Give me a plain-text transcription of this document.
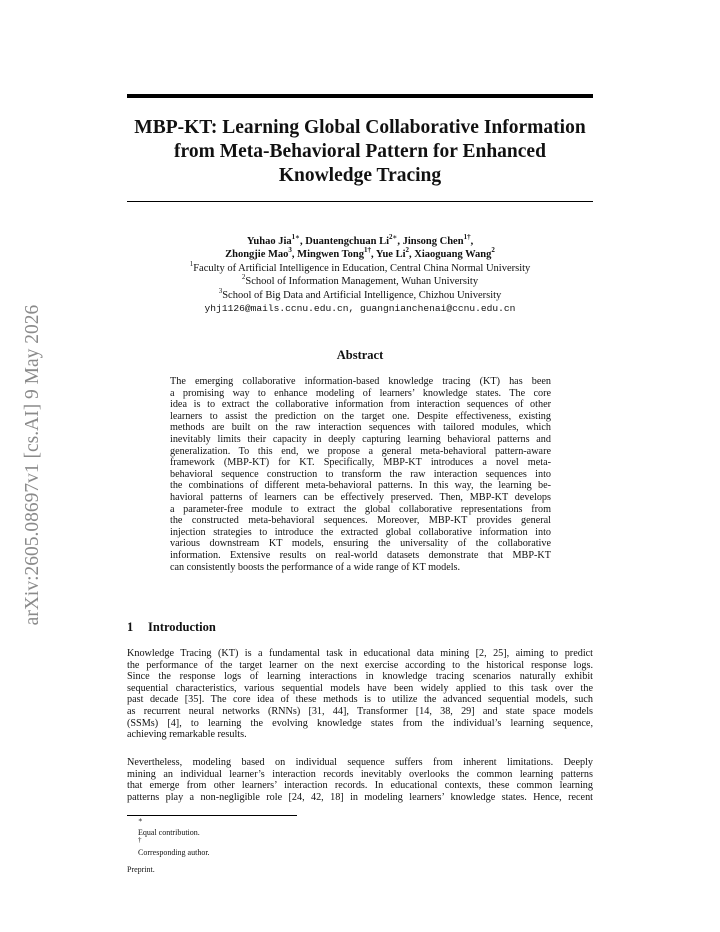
arXiv:2605.08697v1 [cs.AI] 9 May 2026
MBP-KT: Learning Global Collaborative Information
from Meta-Behavioral Pattern for Enhanced
Knowledge Tracing
Yuhao Jia$^{1∗}$, Duantengchuan $Li^{2∗}$, Jinsong Chen$^{1\dagger}$,
Zhongjie Mao$^3$, Mingwen Tong$^{1\dagger}$, Yue Li$^2$, Xiaoguang Wang$^2$
$^1$Faculty of Artificial Intelligence in Education, Central China Normal University
$^2$School of Information Management, Wuhan University
$^3$School of Big Data and Artificial Intelligence, Chizhou University
yhj1126@mails.ccnu.edu.cn, guangnianchenai@ccnu.edu.cn
Abstract
The emerging collaborative information-based knowledge tracing (KT) has been
a promising way to enhance modeling of learners’ knowledge states. The core
idea is to extract the collaborative information from interaction sequences of other
learners to assist the prediction on the target one. Despite effectiveness, existing
methods are built on the raw interaction sequences with tailored modules, which
inevitably limits their capacity in deeply capturing learning behavioral patterns and
generalization. To this end, we propose a general meta-behavioral pattern-aware
framework (MBP-KT) for KT. Specifically, MBP-KT introduces a novel meta-
behavioral sequence construction to transform the raw interaction sequences into
the combinations of different meta-behavioral patterns. In this way, the learning be-
havioral patterns of learners can be effectively preserved. Then, MBP-KT develops
a parameter-free module to extract the global collaborative representations from
the constructed meta-behavioral sequences. Moreover, MBP-KT provides general
injection strategies to introduce the extracted global collaborative information into
various downstream KT models, ensuring the universality of the collaborative
information. Extensive results on real-world datasets demonstrate that MBP-KT
can consistently boosts the performance of a wide range of KT models.
1 Introduction
Knowledge Tracing (KT) is a fundamental task in educational data mining [2, 25], aiming to predict
the performance of the target learner on the next exercise according to the historical response logs.
Since the response logs of learning interactions in knowledge tracing scenarios naturally exhibit
sequential characteristics, various sequential models have been widely applied to this task over the
past decade [35]. The core idea of these methods is to utilize the advanced sequential models, such
as recurrent neural networks (RNNs) [31, 44], Transformer [14, 38, 29] and state space models
(SSMs) [4], to learning the evolving knowledge states from the individual’s learning sequence,
achieving remarkable results.
Nevertheless, modeling based on individual sequence suffers from inherent limitations. Deeply
mining an individual learner’s interaction records inevitably overlooks the common learning patterns
that emerge from other learners’ interaction records. In educational contexts, these common learning
patterns play a non-negligible role [24, 42, 18] in modeling learners’ knowledge states. Hence, recent
∗
Equal contribution.
†
Corresponding author.
Preprint.
